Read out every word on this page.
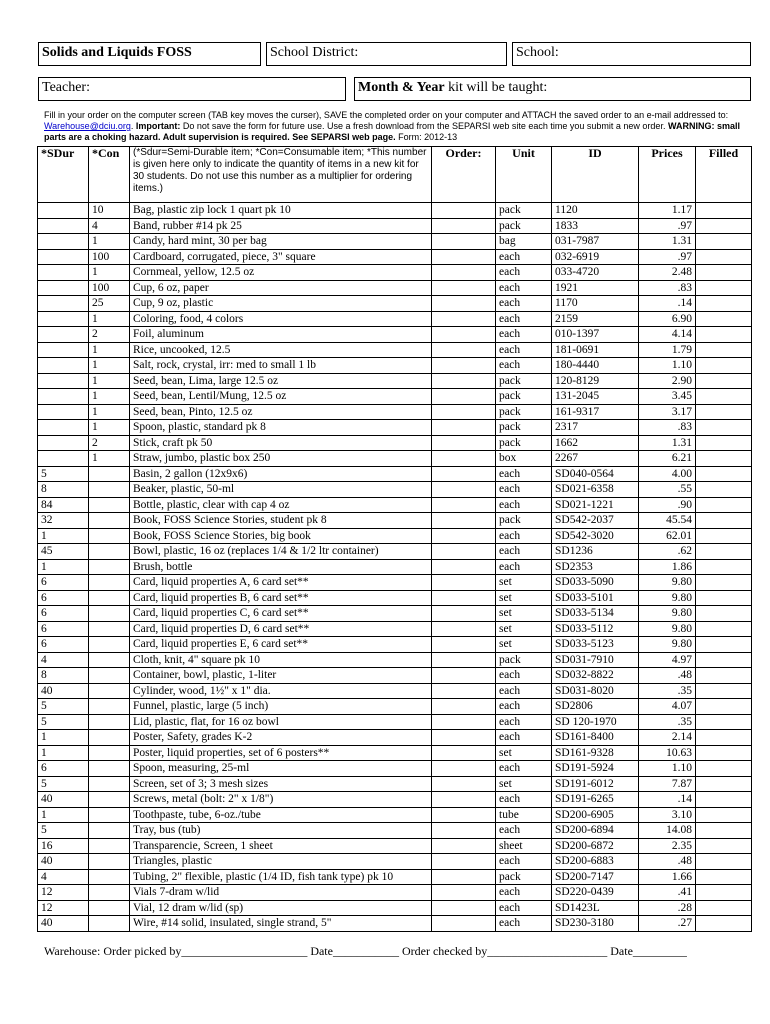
Solids and Liquids FOSS	School District:	School:
Teacher:	Month & Year kit will be taught:
Fill in your order on the computer screen (TAB key moves the curser), SAVE the completed order on your computer and ATTACH the saved order to an e-mail addressed to: Warehouse@dciu.org. Important: Do not save the form for future use. Use a fresh download from the SEPARSI web site each time you submit a new order. WARNING: small parts are a choking hazard. Adult supervision is required. See SEPARSI web page. Form: 2012-13
*SDur	*Con	(*Sdur=Semi-Durable item; *Con=Consumable item; *This number is given here only to indicate the quantity of items in a new kit for 30 students. Do not use this number as a multiplier for ordering items.)	Order:	Unit	ID	Prices	Filled
	10	Bag, plastic zip lock 1 quart pk 10		pack	1120	1.17	
	4	Band, rubber #14 pk 25		pack	1833	.97	
	1	Candy, hard mint, 30 per bag		bag	031-7987	1.31	
	100	Cardboard, corrugated, piece, 3" square		each	032-6919	.97	
	1	Cornmeal, yellow, 12.5 oz		each	033-4720	2.48	
	100	Cup, 6 oz, paper		each	1921	.83	
	25	Cup, 9 oz, plastic		each	1170	.14	
	1	Coloring, food, 4 colors		each	2159	6.90	
	2	Foil, aluminum		each	010-1397	4.14	
	1	Rice, uncooked, 12.5		each	181-0691	1.79	
	1	Salt, rock, crystal, irr: med to small 1 lb		each	180-4440	1.10	
	1	Seed, bean, Lima, large 12.5 oz		pack	120-8129	2.90	
	1	Seed, bean, Lentil/Mung, 12.5 oz		pack	131-2045	3.45	
	1	Seed, bean, Pinto, 12.5 oz		pack	161-9317	3.17	
	1	Spoon, plastic, standard pk 8		pack	2317	.83	
	2	Stick, craft pk 50		pack	1662	1.31	
	1	Straw, jumbo, plastic box 250		box	2267	6.21	
5		Basin, 2 gallon (12x9x6)		each	SD040-0564	4.00	
8		Beaker, plastic, 50-ml		each	SD021-6358	.55	
84		Bottle, plastic, clear with cap 4 oz		each	SD021-1221	.90	
32		Book, FOSS Science Stories, student pk 8		pack	SD542-2037	45.54	
1		Book, FOSS Science Stories, big book		each	SD542-3020	62.01	
45		Bowl, plastic, 16 oz (replaces 1/4 & 1/2 ltr container)		each	SD1236	.62	
1		Brush, bottle		each	SD2353	1.86	
6		Card, liquid properties A, 6 card set**		set	SD033-5090	9.80	
6		Card, liquid properties B, 6 card set**		set	SD033-5101	9.80	
6		Card, liquid properties C, 6 card set**		set	SD033-5134	9.80	
6		Card, liquid properties D, 6 card set**		set	SD033-5112	9.80	
6		Card, liquid properties E, 6 card set**		set	SD033-5123	9.80	
4		Cloth, knit, 4" square pk 10		pack	SD031-7910	4.97	
8		Container, bowl, plastic, 1-liter		each	SD032-8822	.48	
40		Cylinder, wood, 1½" x 1" dia.		each	SD031-8020	.35	
5		Funnel, plastic, large (5 inch)		each	SD2806	4.07	
5		Lid, plastic, flat, for 16 oz bowl		each	SD 120-1970	.35	
1		Poster, Safety, grades K-2		each	SD161-8400	2.14	
1		Poster, liquid properties, set of 6 posters**		set	SD161-9328	10.63	
6		Spoon, measuring, 25-ml		each	SD191-5924	1.10	
5		Screen, set of 3; 3 mesh sizes		set	SD191-6012	7.87	
40		Screws, metal (bolt: 2" x 1/8")		each	SD191-6265	.14	
1		Toothpaste, tube, 6-oz./tube		tube	SD200-6905	3.10	
5		Tray, bus (tub)		each	SD200-6894	14.08	
16		Transparencie, Screen, 1 sheet		sheet	SD200-6872	2.35	
40		Triangles, plastic		each	SD200-6883	.48	
4		Tubing, 2" flexible, plastic (1/4 ID, fish tank type) pk 10		pack	SD200-7147	1.66	
12		Vials 7-dram w/lid		each	SD220-0439	.41	
12		Vial, 12 dram w/lid (sp)		each	SD1423L	.28	
40		Wire, #14 solid, insulated, single strand, 5"		each	SD230-3180	.27	
Warehouse: Order picked by_____________________ Date___________ Order checked by____________________ Date_________
